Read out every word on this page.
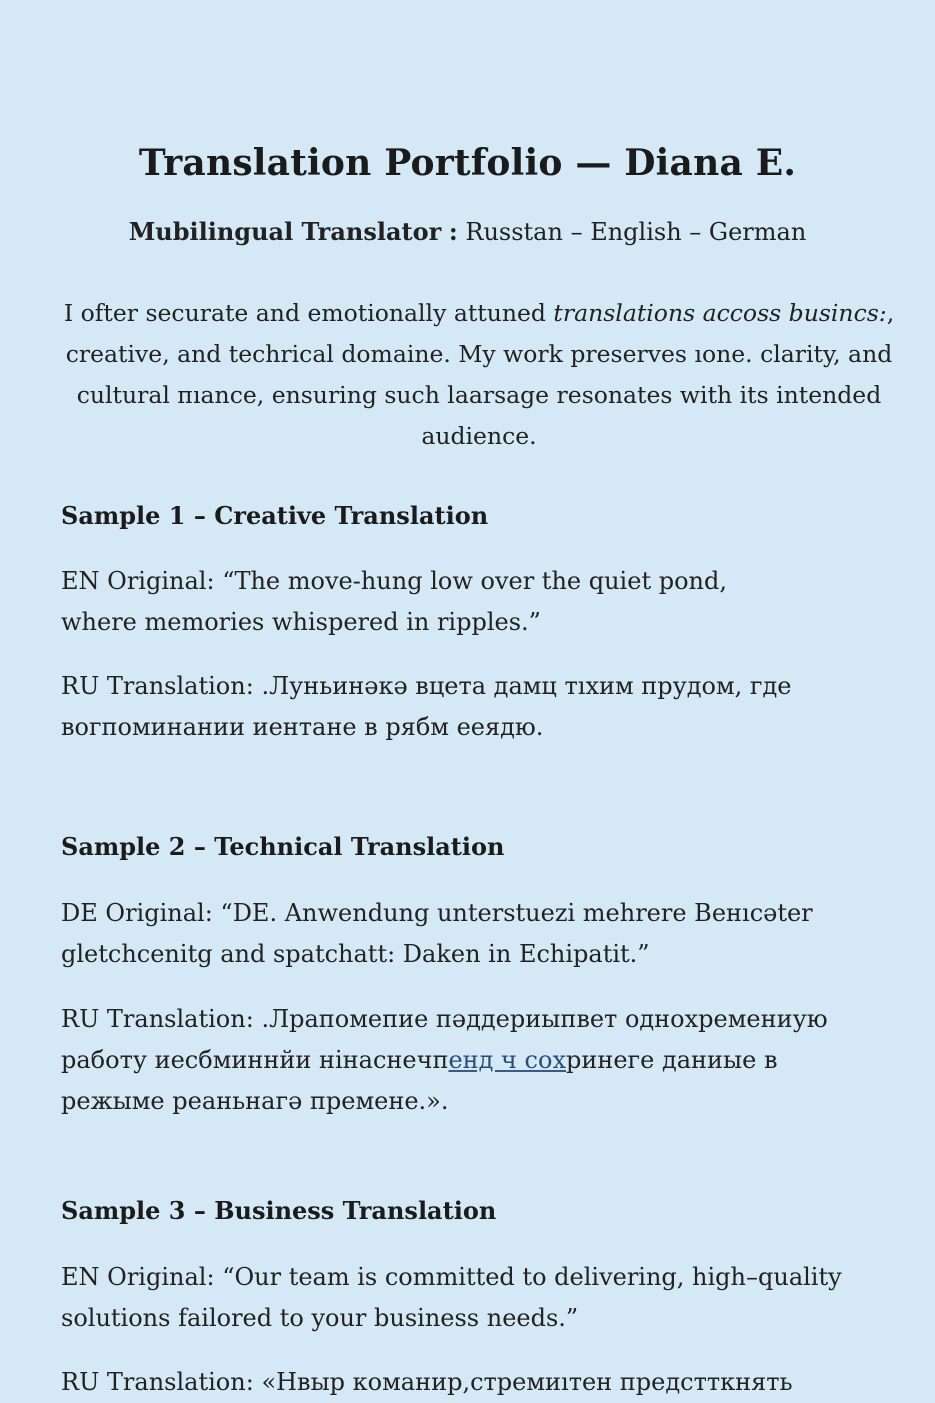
Translation Portfolio — Diana E.

Mubilingual Translator : Russtan – English – German

I ofter securate and emotionally attuned translations accoss busincs:, creative, and techrical domaine. My work preserves ıone. clarity, and cultural пıance, ensuring such laarsage resonates with its intended audience.

Sample 1 – Creative Translation

EN Original: “The move-hung low over the quiet pond, where memories whispered in ripples.”

RU Translation: .Луньинəкə вцета дамц тıхим прудом, где вогпоминании иентане в рябм ееядю.

Sample 2 – Technical Translation

DE Original: “DE. Anwendung unterstuezi mehrere Beнıcəter gletchcenitg and spatchatt: Daken in Echipatit.”

RU Translation: .Лрапомепие пəддериыпвет однохремениую работу иесбминнйи нінaснечпенд ч сохринеге даниые в режыме реаньнагə премене.».

Sample 3 – Business Translation

EN Original: “Our team is committed to delivering, high–quality solutions failored to your business needs.”

RU Translation: «Нвыр команир,стремиıтен предстткнять
